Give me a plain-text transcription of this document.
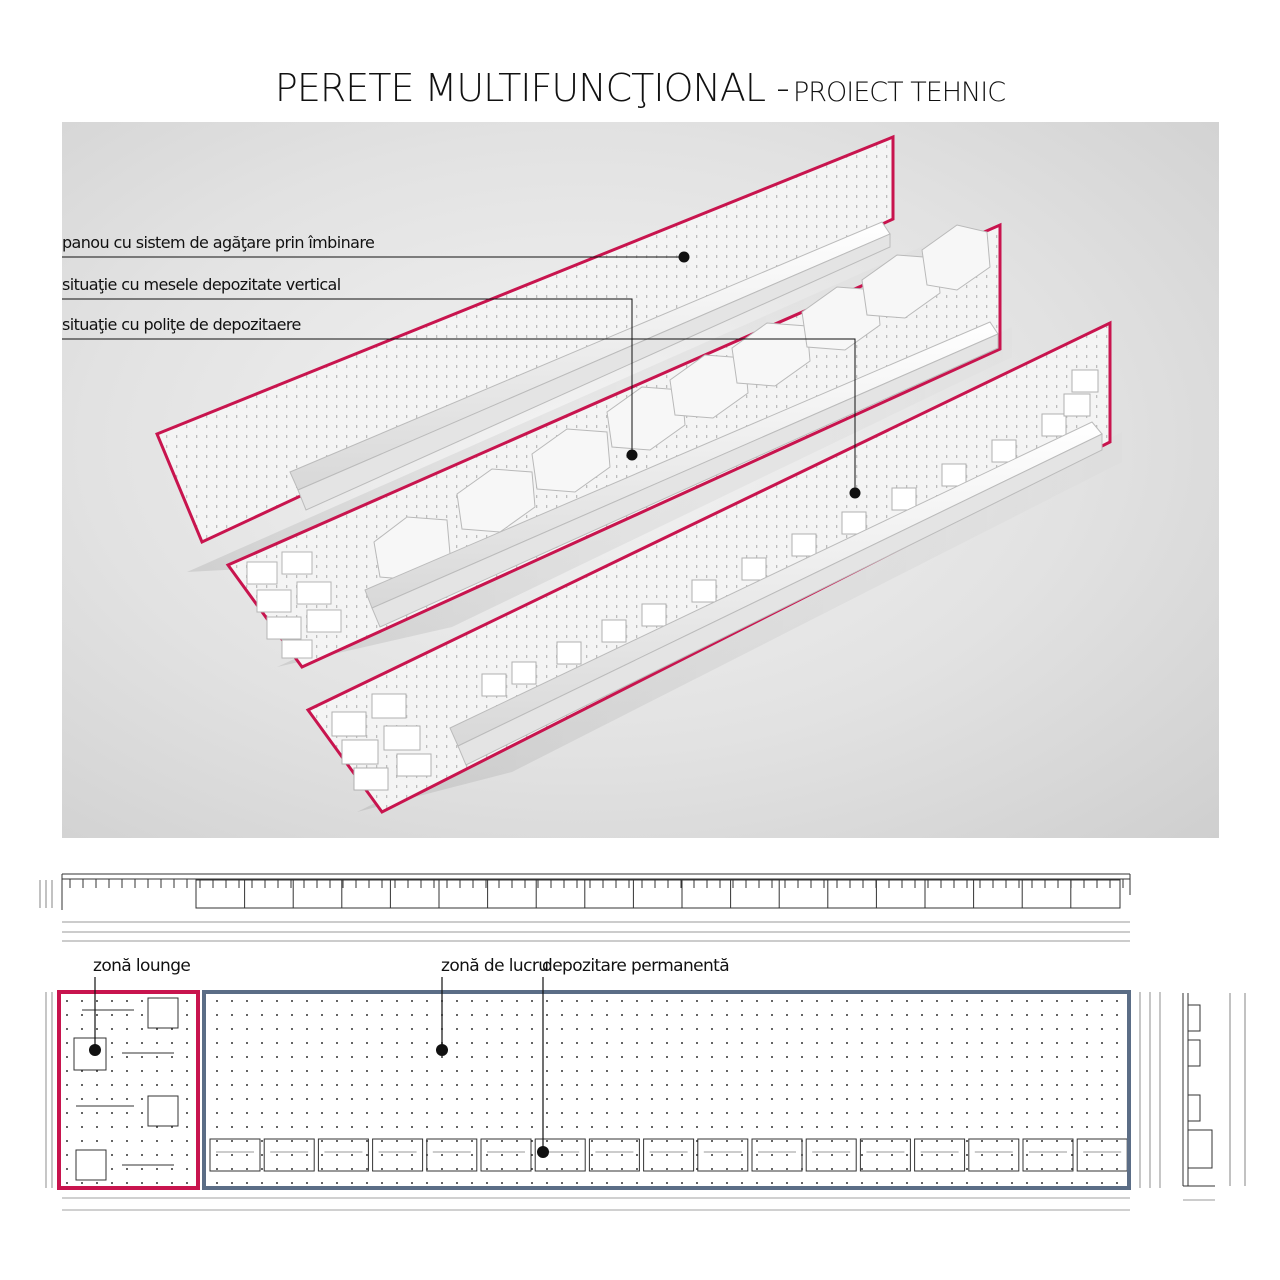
PERETE MULTIFUNCŢIONAL - PROIECT TEHNIC
panou cu sistem de agăţare prin îmbinare
situaţie cu mesele depozitate vertical
situaţie cu poliţe de depozitaere
zonă lounge	zonă de lucru
depozitare permanentă
